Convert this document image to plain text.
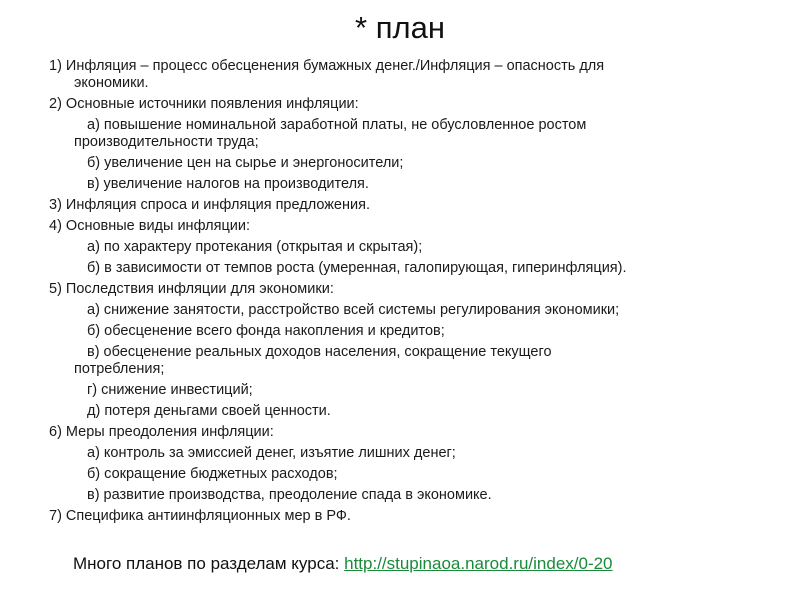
* план
1) Инфляция – процесс обесценения бумажных денег./Инфляция – опасность для
экономики.
2) Основные источники появления инфляции:
а) повышение номинальной заработной платы, не обусловленное ростом
производительности труда;
б) увеличение цен на сырье и энергоносители;
в) увеличение налогов на производителя.
3) Инфляция спроса и инфляция предложения.
4) Основные виды инфляции:
а) по характеру протекания (открытая и скрытая);
б) в зависимости от темпов роста (умеренная, галопирующая, гиперинфляция).
5) Последствия инфляции для экономики:
а) снижение занятости, расстройство всей системы регулирования экономики;
б) обесценение всего фонда накопления и кредитов;
в) обесценение реальных доходов населения, сокращение текущего
потребления;
г) снижение инвестиций;
д) потеря деньгами своей ценности.
6) Меры преодоления инфляции:
а) контроль за эмиссией денег, изъятие лишних денег;
б) сокращение бюджетных расходов;
в) развитие производства, преодоление спада в экономике.
7) Специфика антиинфляционных мер в РФ.
Много планов по разделам курса: http://stupinaoa.narod.ru/index/0-20
